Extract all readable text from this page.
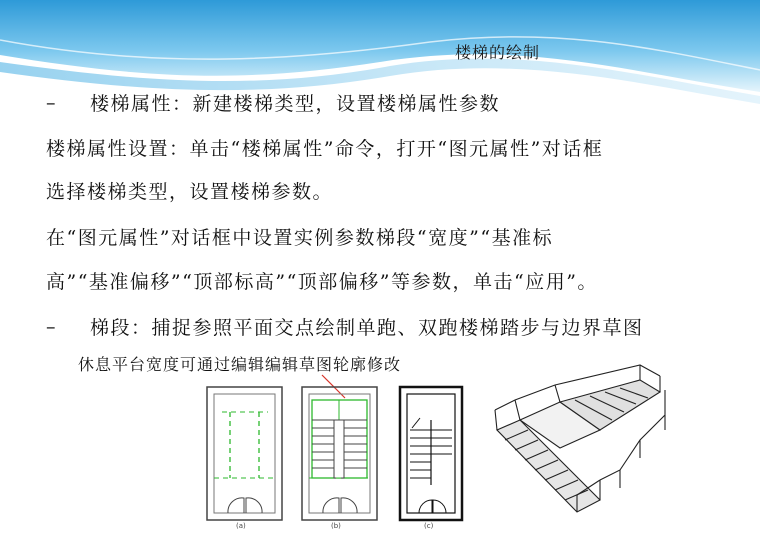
楼梯的绘制
– 楼梯属性：新建楼梯类型，设置楼梯属性参数
楼梯属性设置：单击“楼梯属性”命令，打开“图元属性”对话框
选择楼梯类型，设置楼梯参数。
在“图元属性”对话框中设置实例参数梯段“宽度”“基准标
高”“基准偏移”“顶部标高”“顶部偏移”等参数，单击“应用”。
– 梯段：捕捉参照平面交点绘制单跑、双跑楼梯踏步与边界草图
休息平台宽度可通过编辑编辑草图轮廓修改
(a)	(b)	(c)
